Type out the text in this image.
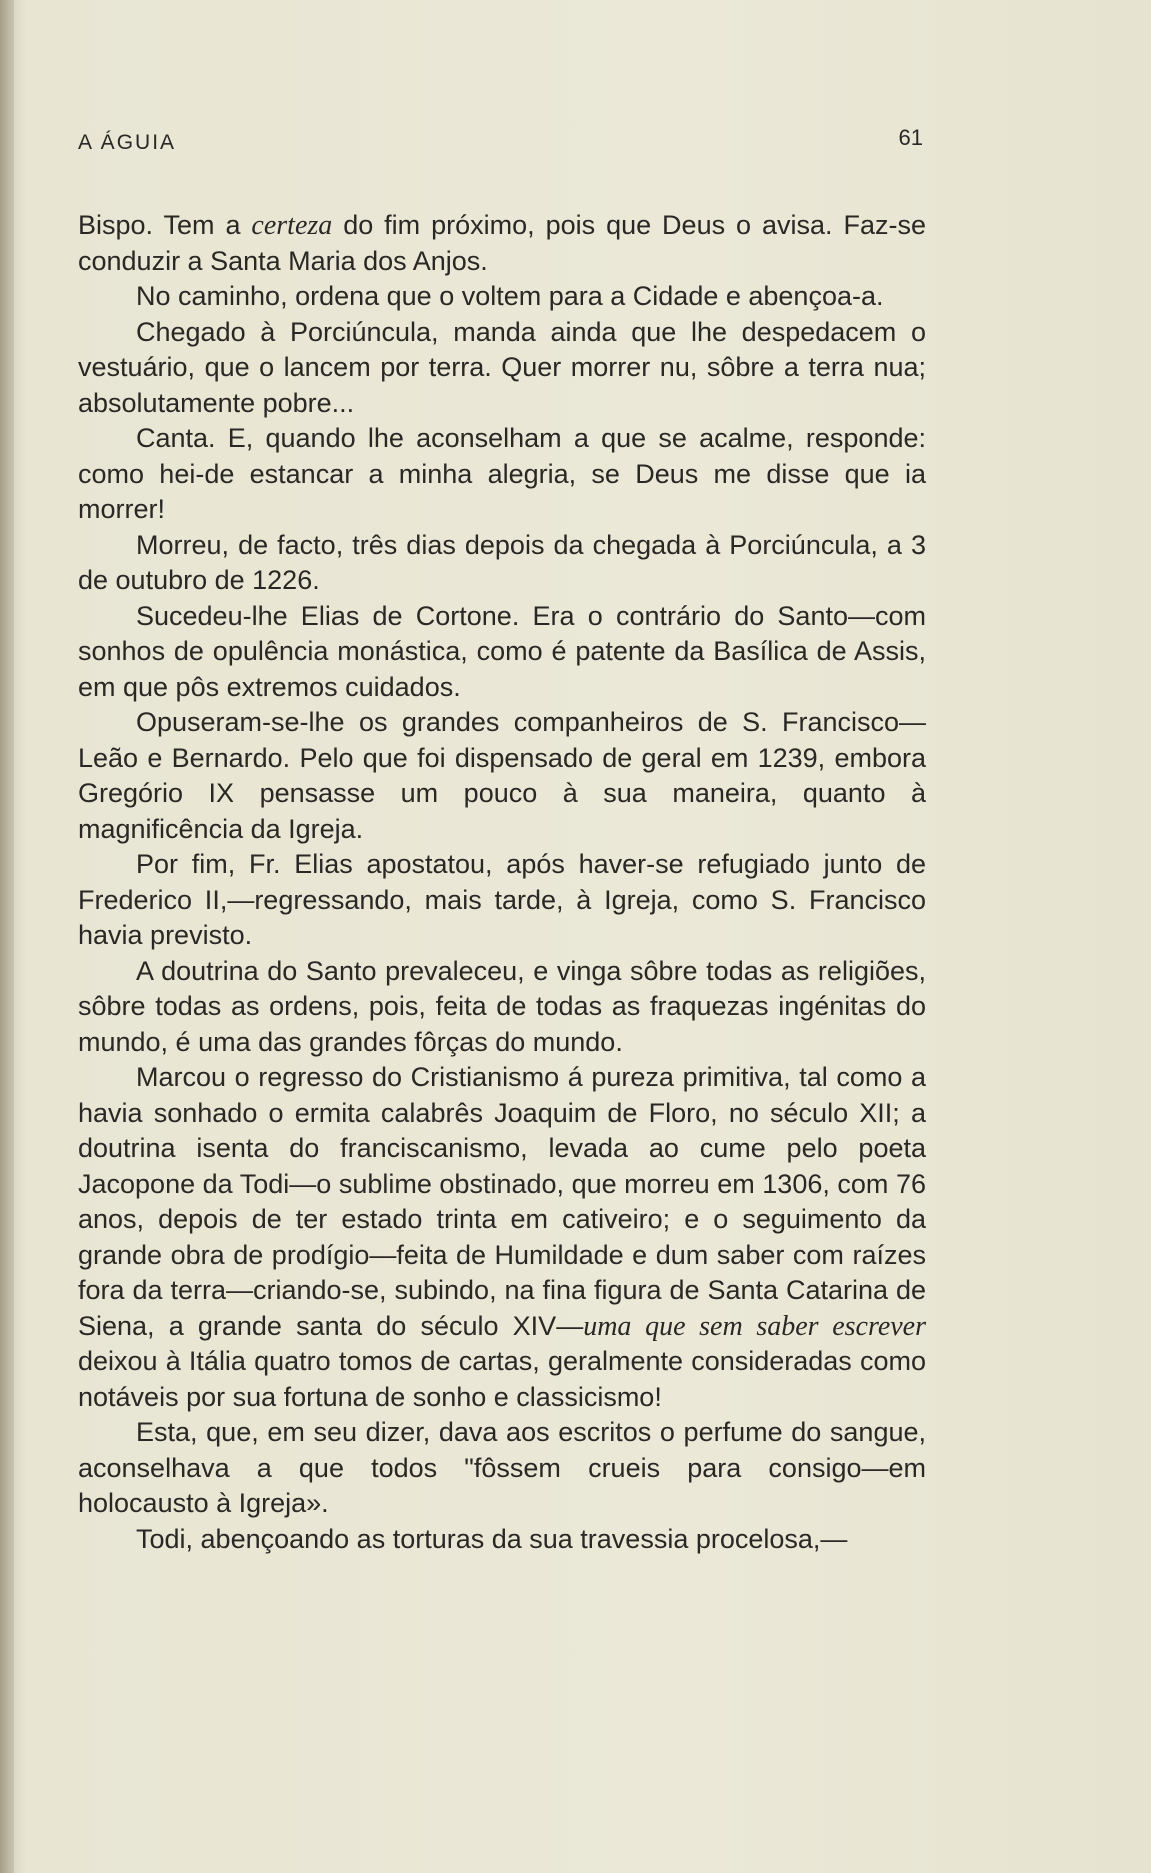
A ÁGUIA	61

Bispo. Tem a certeza do fim próximo, pois que Deus o avisa. Faz-se conduzir a Santa Maria dos Anjos.

No caminho, ordena que o voltem para a Cidade e abençoa-a.

Chegado à Porciúncula, manda ainda que lhe despedacem o vestuário, que o lancem por terra. Quer morrer nu, sôbre a terra nua; absolutamente pobre...

Canta. E, quando lhe aconselham a que se acalme, responde: como hei-de estancar a minha alegria, se Deus me disse que ia morrer!

Morreu, de facto, três dias depois da chegada à Porciúncula, a 3 de outubro de 1226.

Sucedeu-lhe Elias de Cortone. Era o contrário do Santo—com sonhos de opulência monástica, como é patente da Basílica de Assis, em que pôs extremos cuidados.

Opuseram-se-lhe os grandes companheiros de S. Francisco—Leão e Bernardo. Pelo que foi dispensado de geral em 1239, embora Gregório IX pensasse um pouco à sua maneira, quanto à magnificência da Igreja.

Por fim, Fr. Elias apostatou, após haver-se refugiado junto de Frederico II,—regressando, mais tarde, à Igreja, como S. Francisco havia previsto.

A doutrina do Santo prevaleceu, e vinga sôbre todas as religiões, sôbre todas as ordens, pois, feita de todas as fraquezas ingénitas do mundo, é uma das grandes fôrças do mundo.

Marcou o regresso do Cristianismo á pureza primitiva, tal como a havia sonhado o ermita calabrês Joaquim de Floro, no século XII; a doutrina isenta do franciscanismo, levada ao cume pelo poeta Jacopone da Todi—o sublime obstinado, que morreu em 1306, com 76 anos, depois de ter estado trinta em cativeiro; e o seguimento da grande obra de prodígio—feita de Humildade e dum saber com raízes fora da terra—criando-se, subindo, na fina figura de Santa Catarina de Siena, a grande santa do século XIV—uma que sem saber escrever deixou à Itália quatro tomos de cartas, geralmente consideradas como notáveis por sua fortuna de sonho e classicismo!

Esta, que, em seu dizer, dava aos escritos o perfume do sangue, aconselhava a que todos "fôssem crueis para consigo—em holocausto à Igreja».

Todi, abençoando as torturas da sua travessia procelosa,—
